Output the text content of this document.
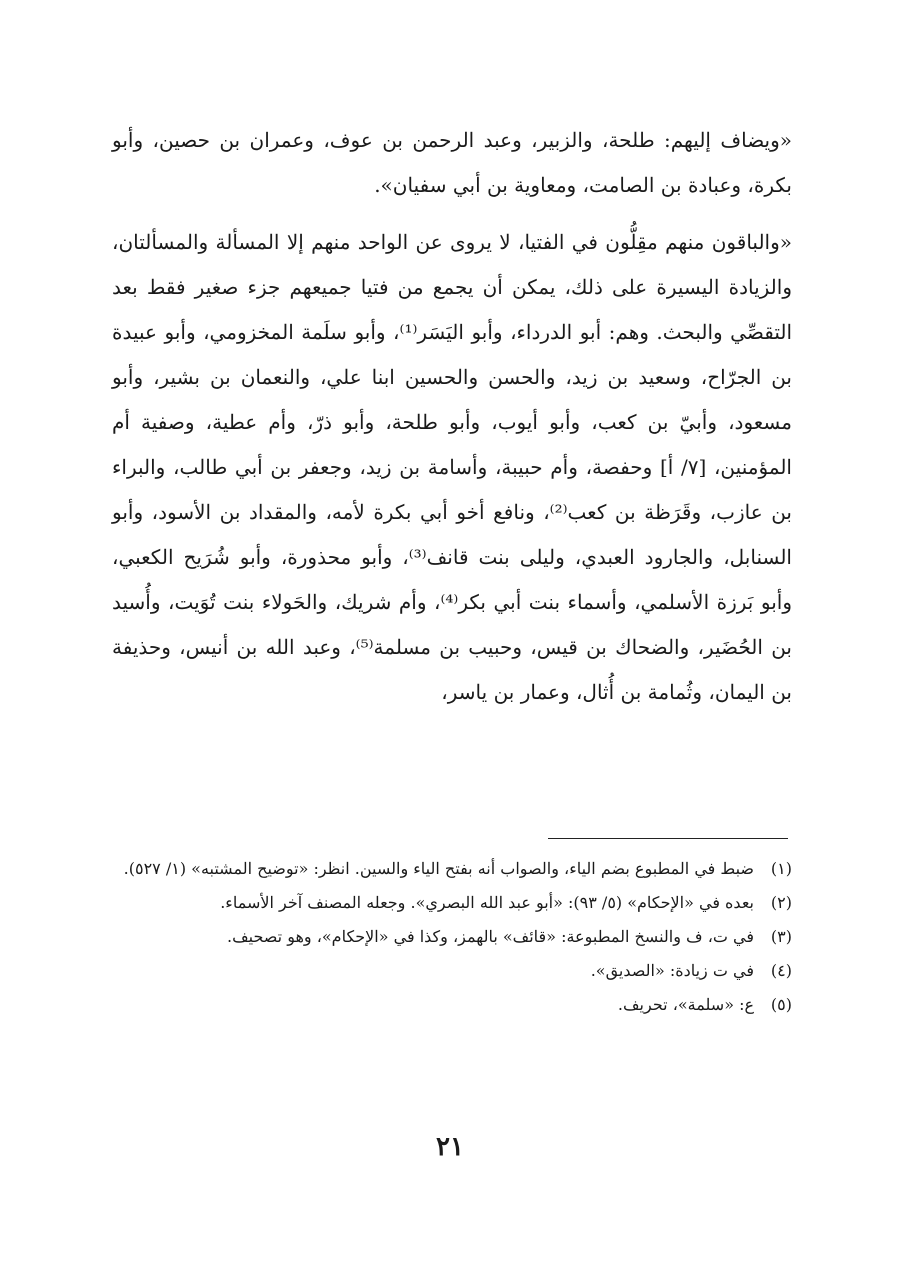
«ويضاف إليهم: طلحة، والزبير، وعبد الرحمن بن عوف، وعمران بن حصين، وأبو بكرة، وعبادة بن الصامت، ومعاوية بن أبي سفيان».

«والباقون منهم مقِلُّون في الفتيا، لا يروى عن الواحد منهم إلا المسألة والمسألتان، والزيادة اليسيرة على ذلك، يمكن أن يجمع من فتيا جميعهم جزء صغير فقط بعد التقصِّي والبحث. وهم: أبو الدرداء، وأبو اليَسَر⁽¹⁾، وأبو سلَمة المخزومي، وأبو عبيدة بن الجرّاح، وسعيد بن زيد، والحسن والحسين ابنا علي، والنعمان بن بشير، وأبو مسعود، وأبيّ بن كعب، وأبو أيوب، وأبو طلحة، وأبو ذرّ، وأم عطية، وصفية أم المؤمنين، [٧/ أ] وحفصة، وأم حبيبة، وأسامة بن زيد، وجعفر بن أبي طالب، والبراء بن عازب، وقَرَظة بن كعب⁽²⁾، ونافع أخو أبي بكرة لأمه، والمقداد بن الأسود، وأبو السنابل، والجارود العبدي، وليلى بنت قانف⁽³⁾، وأبو محذورة، وأبو شُرَيح الكعبي، وأبو بَرزة الأسلمي، وأسماء بنت أبي بكر⁽⁴⁾، وأم شريك، والحَولاء بنت تُوَيت، وأُسيد بن الحُضَير، والضحاك بن قيس، وحبيب بن مسلمة⁽⁵⁾، وعبد الله بن أنيس، وحذيفة بن اليمان، وثُمامة بن أُثال، وعمار بن ياسر،

(١)
ضبط في المطبوع بضم الياء، والصواب أنه بفتح الياء والسين. انظر: «توضيح المشتبه» (١/ ٥٢٧).
(٢)
بعده في «الإحكام» (٥/ ٩٣): «أبو عبد الله البصري». وجعله المصنف آخر الأسماء.
(٣)
في ت، ف والنسخ المطبوعة: «قائف» بالهمز، وكذا في «الإحكام»، وهو تصحيف.
(٤)
في ت زيادة: «الصديق».
(٥)
ع: «سلمة»، تحريف.
٢١
